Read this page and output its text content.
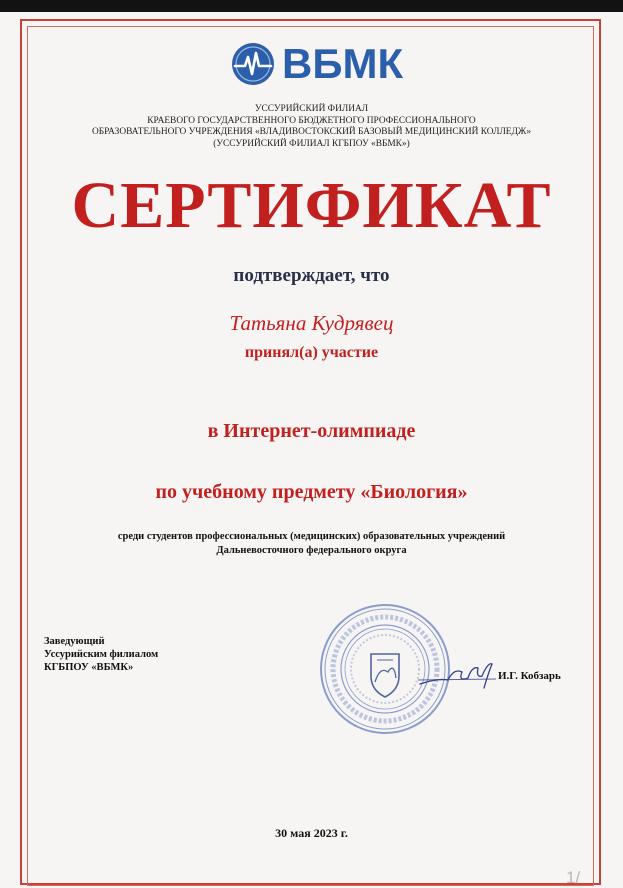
ВБМК
УССУРИЙСКИЙ ФИЛИАЛ
КРАЕВОГО ГОСУДАРСТВЕННОГО БЮДЖЕТНОГО ПРОФЕССИОНАЛЬНОГО
ОБРАЗОВАТЕЛЬНОГО УЧРЕЖДЕНИЯ «ВЛАДИВОСТОКСКИЙ БАЗОВЫЙ МЕДИЦИНСКИЙ КОЛЛЕДЖ»
(УССУРИЙСКИЙ ФИЛИАЛ КГБПОУ «ВБМК»)
СЕРТИФИКАТ
подтверждает, что
Татьяна Кудрявец
принял(а) участие
в Интернет-олимпиаде
по учебному предмету «Биология»
среди студентов профессиональных (медицинских) образовательных учреждений
Дальневосточного федерального округа
Заведующий
Уссурийским филиалом
КГБПОУ «ВБМК»
И.Г. Кобзарь
30 мая 2023 г.
1/
